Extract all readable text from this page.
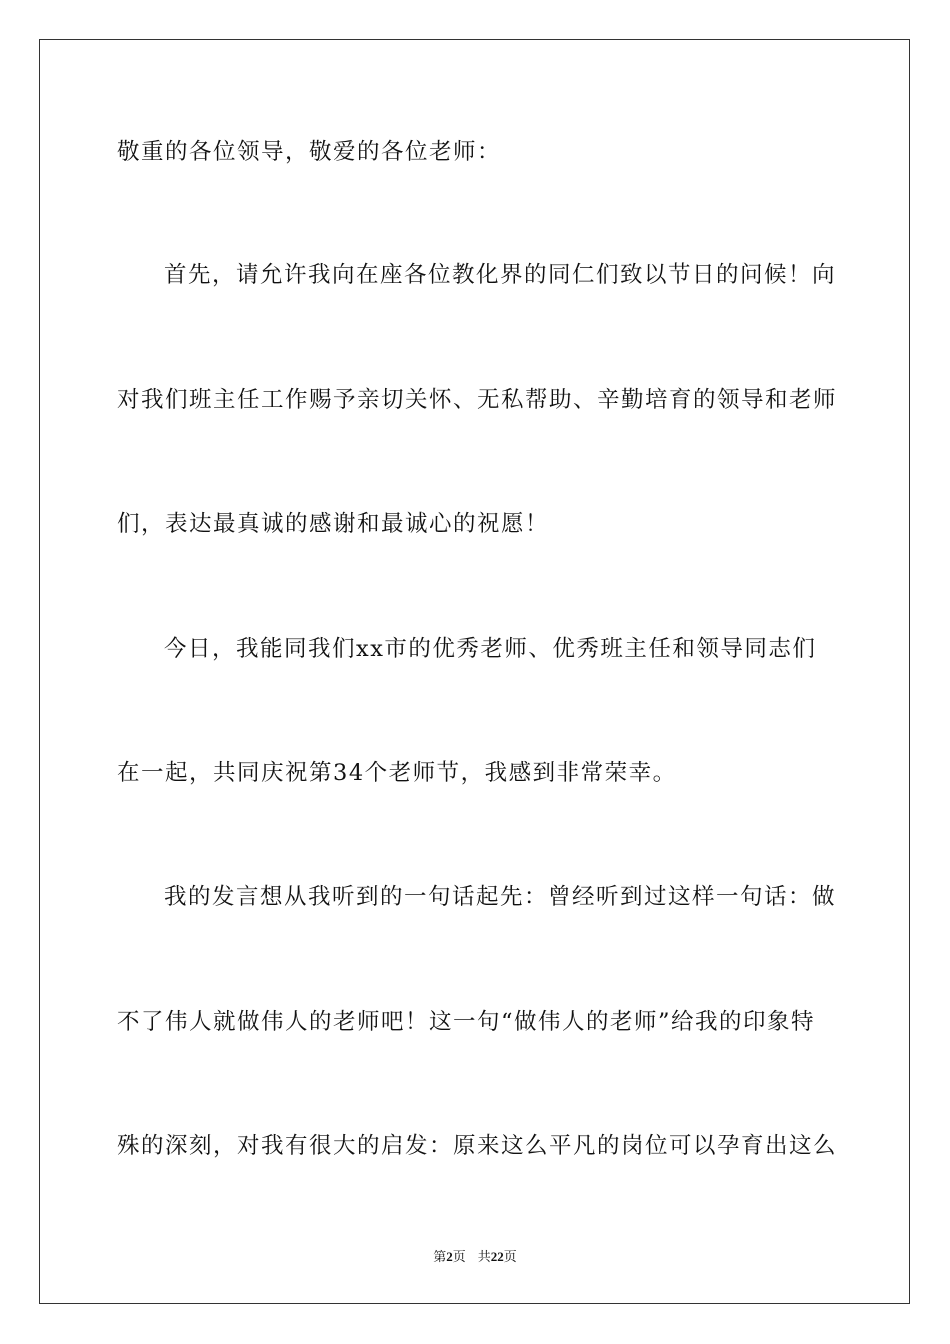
敬重的各位领导，敬爱的各位老师：
首先，请允许我向在座各位教化界的同仁们致以节日的问候！向
对我们班主任工作赐予亲切关怀、无私帮助、辛勤培育的领导和老师
们，表达最真诚的感谢和最诚心的祝愿！
今日，我能同我们xx市的优秀老师、优秀班主任和领导同志们
在一起，共同庆祝第34个老师节，我感到非常荣幸。
我的发言想从我听到的一句话起先：曾经听到过这样一句话：做
不了伟人就做伟人的老师吧！这一句“做伟人的老师”给我的印象特
殊的深刻，对我有很大的启发：原来这么平凡的岗位可以孕育出这么
第2页 共22页
